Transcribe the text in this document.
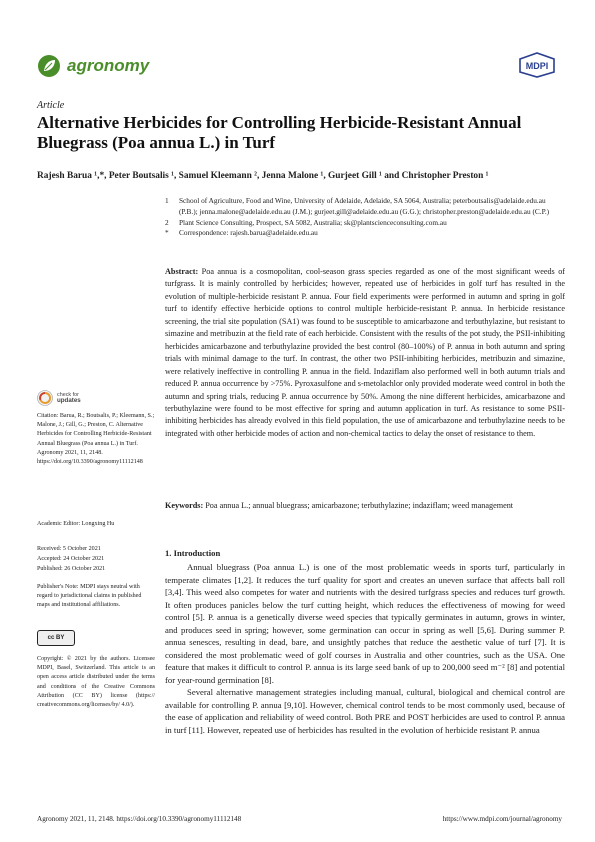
agronomy	MDPI
Article
Alternative Herbicides for Controlling Herbicide-Resistant Annual Bluegrass (Poa annua L.) in Turf
Rajesh Barua ¹,*, Peter Boutsalis ¹, Samuel Kleemann ², Jenna Malone ¹, Gurjeet Gill ¹ and Christopher Preston ¹
1	School of Agriculture, Food and Wine, University of Adelaide, Adelaide, SA 5064, Australia; peterboutsalis@adelaide.edu.au (P.B.); jenna.malone@adelaide.edu.au (J.M.); gurjeet.gill@adelaide.edu.au (G.G.); christopher.preston@adelaide.edu.au (C.P.)
2	Plant Science Consulting, Prospect, SA 5082, Australia; sk@plantscienceconsulting.com.au
*	Correspondence: rajesh.barua@adelaide.edu.au
Abstract: Poa annua is a cosmopolitan, cool-season grass species regarded as one of the most significant weeds of turfgrass. It is mainly controlled by herbicides; however, repeated use of herbicides in golf turf has resulted in the evolution of multiple-herbicide resistant P. annua. Four field experiments were performed in autumn and spring in golf turf to identify effective herbicide options to control multiple herbicide-resistant P. annua. In herbicide resistance screening, the trial site population (SA1) was found to be susceptible to amicarbazone and terbuthylazine, but resistant to simazine and metribuzin at the field rate of each herbicide. Consistent with the results of the pot study, the PSII-inhibiting herbicides amicarbazone and terbuthylazine provided the best control (80–100%) of P. annua in both autumn and spring trials with minimal damage to the turf. In contrast, the other two PSII-inhibiting herbicides, metribuzin and simazine, were relatively ineffective in controlling P. annua in the field. Indaziflam also performed well in both autumn trials and reduced P. annua occurrence by >75%. Pyroxasulfone and s-metolachlor only provided moderate weed control in both the autumn and spring trials, reducing P. annua occurrence by 50%. Among the nine different herbicides, amicarbazone and terbuthylazine were found to be most effective for spring and autumn application in turf. As resistance to some PSII-inhibiting herbicides has already evolved in this field population, the use of amicarbazone and terbuthylazine needs to be integrated with other herbicide modes of action and non-chemical tactics to delay the onset of resistance to them.
Keywords: Poa annua L.; annual bluegrass; amicarbazone; terbuthylazine; indaziflam; weed management
check for
updates
Citation: Barua, R.; Boutsalis, P.; Kleemann, S.; Malone, J.; Gill, G.; Preston, C. Alternative Herbicides for Controlling Herbicide-Resistant Annual Bluegrass (Poa annua L.) in Turf. Agronomy 2021, 11, 2148. https://doi.org/10.3390/agronomy11112148
Academic Editor: Longxing Hu
Received: 5 October 2021
Accepted: 24 October 2021
Published: 26 October 2021
Publisher's Note: MDPI stays neutral with regard to jurisdictional claims in published maps and institutional affiliations.
cc BY
Copyright: © 2021 by the authors. Licensee MDPI, Basel, Switzerland. This article is an open access article distributed under the terms and conditions of the Creative Commons Attribution (CC BY) license (https:// creativecommons.org/licenses/by/ 4.0/).
1. Introduction

Annual bluegrass (Poa annua L.) is one of the most problematic weeds in sports turf, particularly in temperate climates [1,2]. It reduces the turf quality for sport and creates an uneven surface that affects ball roll [3,4]. This weed also competes for water and nutrients with the desired turfgrass species and reduces turf growth. It often produces panicles below the turf cutting height, which reduces the effectiveness of mowing for weed control [5]. P. annua is a genetically diverse weed species that typically germinates in autumn, grows in winter, and produces seed in spring; however, some germination can occur in spring as well [5,6]. During summer P. annua senesces, resulting in dead, bare, and unsightly patches that reduce the aesthetic value of turf [7]. It is considered the most problematic weed of golf courses in Australia and other countries, such as the USA. One feature that makes it difficult to control P. annua is its large seed bank of up to 200,000 seed m⁻² [8] and potential for year-round germination [8].

Several alternative management strategies including manual, cultural, biological and chemical control are available for controlling P. annua [9,10]. However, chemical control tends to be most commonly used, because of the ease of application and reliability of weed control. Both PRE and POST herbicides are used to control P. annua in turf [11]. However, repeated use of herbicides has resulted in the evolution of herbicide resistant P. annua

Agronomy 2021, 11, 2148. https://doi.org/10.3390/agronomy11112148	https://www.mdpi.com/journal/agronomy
